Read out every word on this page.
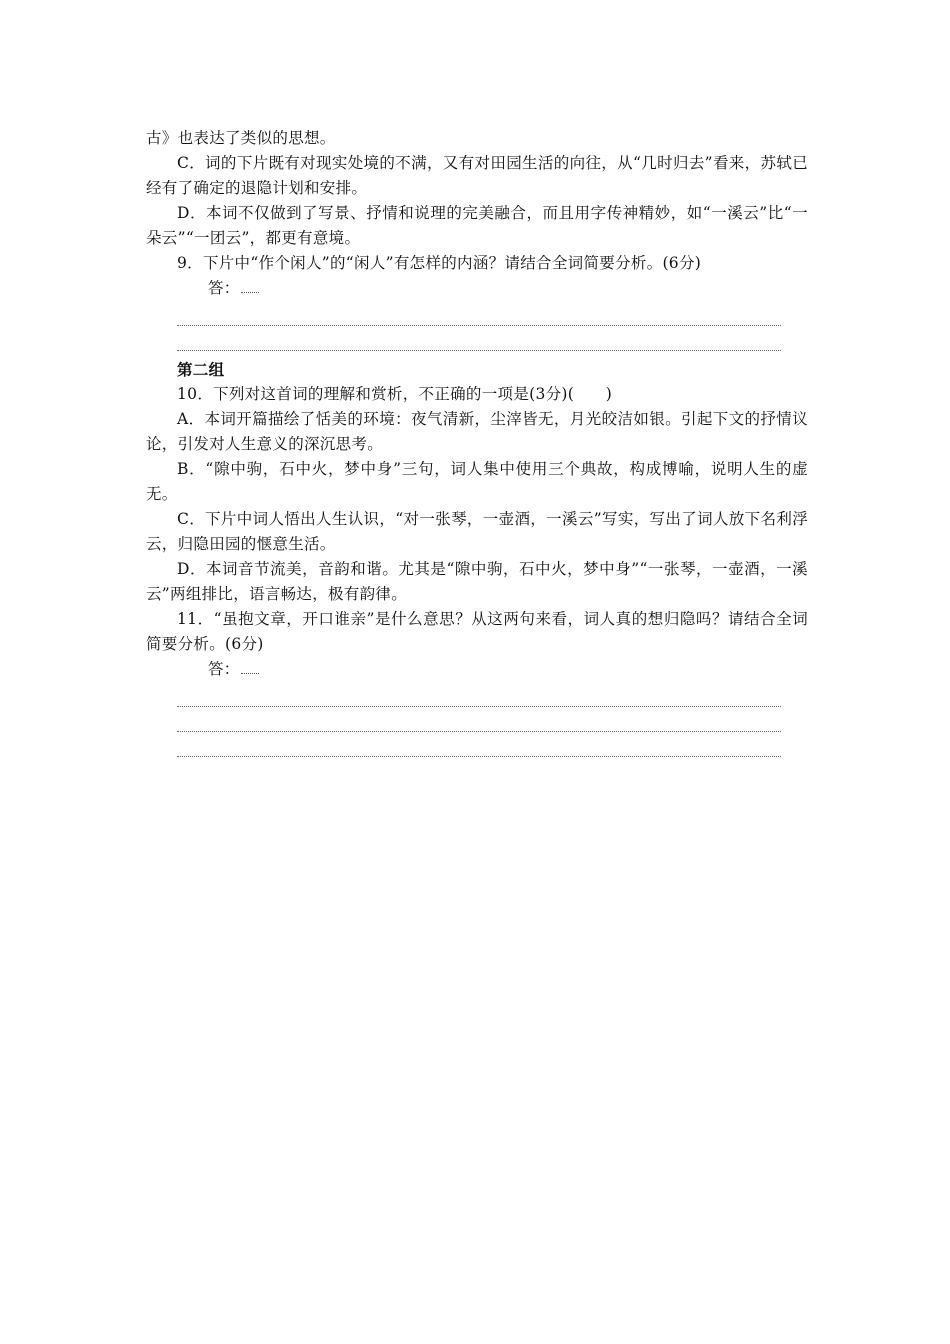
古》也表达了类似的思想。

C．词的下片既有对现实处境的不满，又有对田园生活的向往，从“几时归去”看来，苏轼已经有了确定的退隐计划和安排。

D．本词不仅做到了写景、抒情和说理的完美融合，而且用字传神精妙，如“一溪云”比“一朵云”“一团云”，都更有意境。

9．下片中“作个闲人”的“闲人”有怎样的内涵？请结合全词简要分析。(6分)

答：

第二组

10．下列对这首词的理解和赏析，不正确的一项是(3分)(　　)

A．本词开篇描绘了恬美的环境：夜气清新，尘滓皆无，月光皎洁如银。引起下文的抒情议论，引发对人生意义的深沉思考。

B．“隙中驹，石中火，梦中身”三句，词人集中使用三个典故，构成博喻，说明人生的虚无。

C．下片中词人悟出人生认识，“对一张琴，一壶酒，一溪云”写实，写出了词人放下名利浮云，归隐田园的惬意生活。

D．本词音节流美，音韵和谐。尤其是“隙中驹，石中火，梦中身”“一张琴，一壶酒，一溪云”两组排比，语言畅达，极有韵律。

11．“虽抱文章，开口谁亲”是什么意思？从这两句来看，词人真的想归隐吗？请结合全词简要分析。(6分)

答：
